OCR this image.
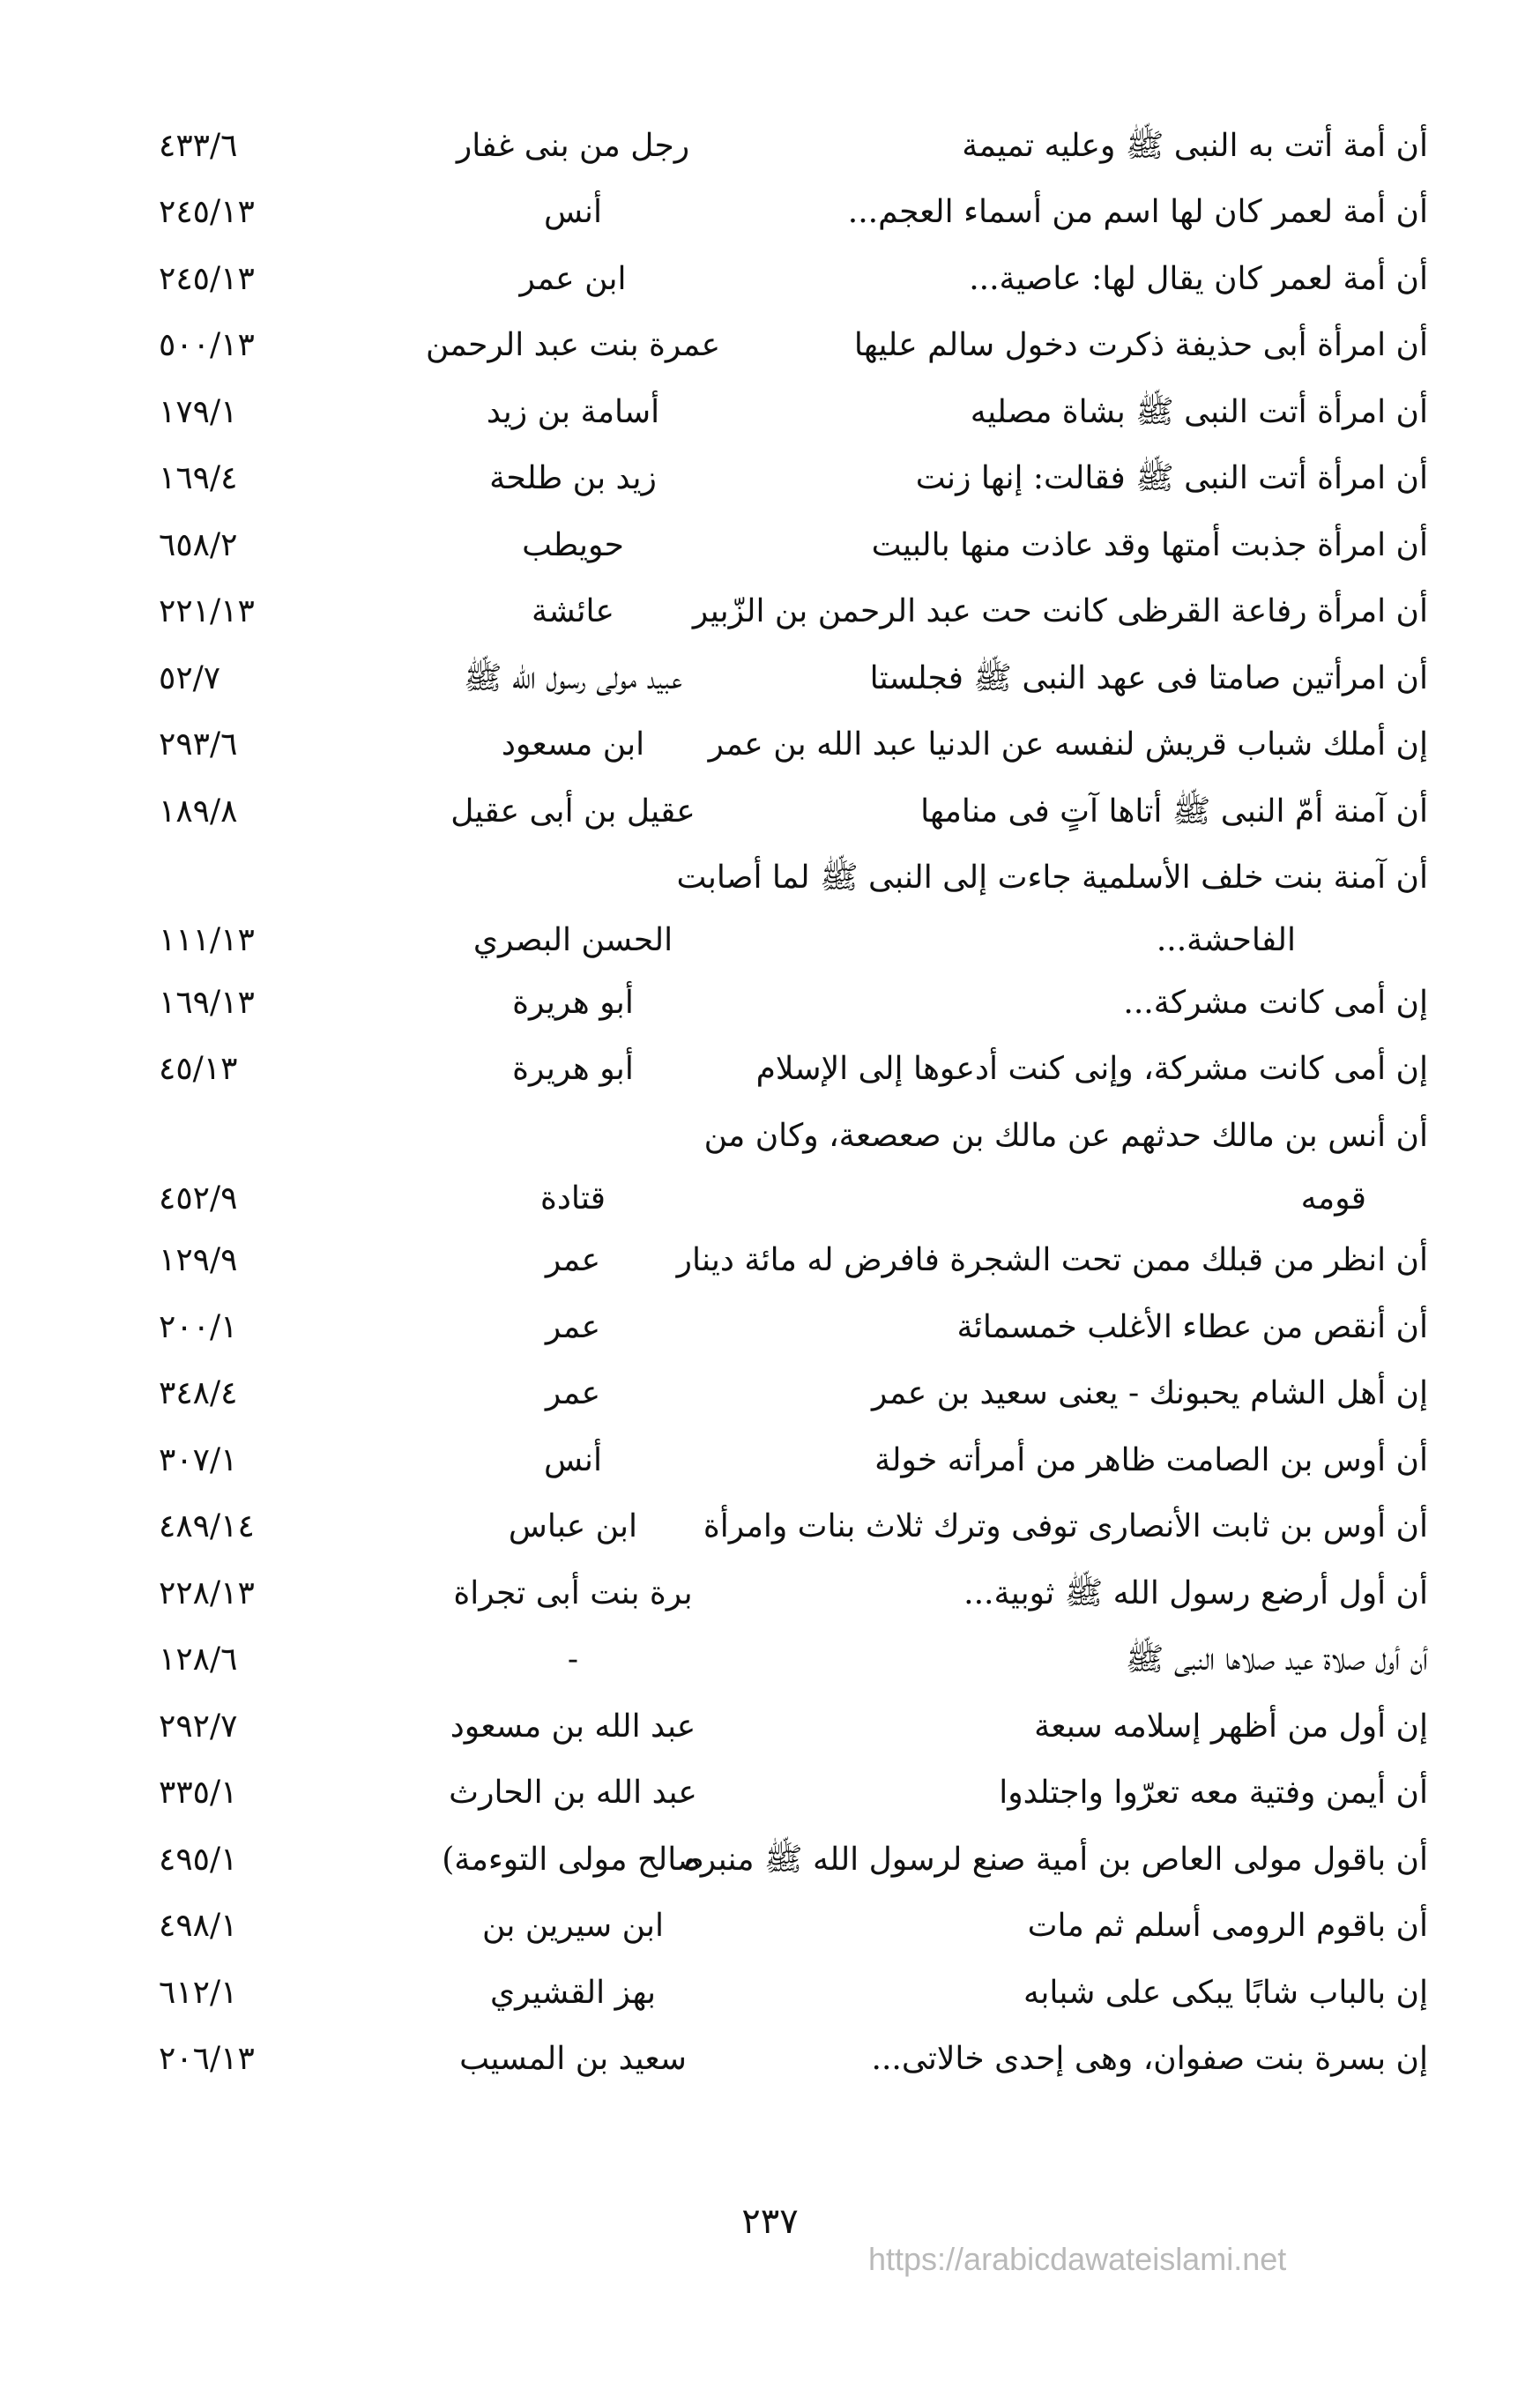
أن أمة أتت به النبى ﷺ وعليه تميمة
رجل من بنى غفار
٤٣٣/٦
أن أمة لعمر كان لها اسم من أسماء العجم...
أنس
٢٤٥/١٣
أن أمة لعمر كان يقال لها: عاصية...
ابن عمر
٢٤٥/١٣
أن امرأة أبى حذيفة ذكرت دخول سالم عليها
عمرة بنت عبد الرحمن
٥٠٠/١٣
أن امرأة أتت النبى ﷺ بشاة مصليه
أسامة بن زيد
١٧٩/١
أن امرأة أتت النبى ﷺ فقالت: إنها زنت
زيد بن طلحة
١٦٩/٤
أن امرأة جذبت أمتها وقد عاذت منها بالبيت
حويطب
٦٥٨/٢
أن امرأة رفاعة القرظى كانت حت عبد الرحمن بن الزّبير
عائشة
٢٢١/١٣
أن امرأتين صامتا فى عهد النبى ﷺ فجلستا
عبيد مولى رسول الله ﷺ
٥٢/٧
إن أملك شباب قريش لنفسه عن الدنيا عبد الله بن عمر
ابن مسعود
٢٩٣/٦
أن آمنة أمّ النبى ﷺ أتاها آتٍ فى منامها
عقيل بن أبى عقيل
١٨٩/٨
أن آمنة بنت خلف الأسلمية جاءت إلى النبى ﷺ لما أصابت
الفاحشة...
الحسن البصري
١١١/١٣
إن أمى كانت مشركة...
أبو هريرة
١٦٩/١٣
إن أمى كانت مشركة، وإنى كنت أدعوها إلى الإسلام
أبو هريرة
٤٥/١٣
أن أنس بن مالك حدثهم عن مالك بن صعصعة، وكان من
قومه
قتادة
٤٥٢/٩
أن انظر من قبلك ممن تحت الشجرة فافرض له مائة دينار
عمر
١٢٩/٩
أن أنقص من عطاء الأغلب خمسمائة
عمر
٢٠٠/١
إن أهل الشام يحبونك - يعنى سعيد بن عمر
عمر
٣٤٨/٤
أن أوس بن الصامت ظاهر من أمرأته خولة
أنس
٣٠٧/١
أن أوس بن ثابت الأنصارى توفى وترك ثلاث بنات وامرأة
ابن عباس
٤٨٩/١٤
أن أول أرضع رسول الله ﷺ ثوبية...
برة بنت أبى تجراة
٢٢٨/١٣
أن أول صلاة عيد صلاها النبى ﷺ
-
١٢٨/٦
إن أول من أظهر إسلامه سبعة
عبد الله بن مسعود
٢٩٢/٧
أن أيمن وفتية معه تعرّوا واجتلدوا
عبد الله بن الحارث
٣٣٥/١
أن باقول مولى العاص بن أمية صنع لرسول الله ﷺ منبره
صالح مولى التوءمة)
٤٩٥/١
أن باقوم الرومى أسلم ثم مات
ابن سيرين بن
٤٩٨/١
إن بالباب شابًا يبكى على شبابه
بهز القشيري
٦١٢/١
إن بسرة بنت صفوان، وهى إحدى خالاتى...
سعيد بن المسيب
٢٠٦/١٣
٢٣٧
https://arabicdawateislami.net
